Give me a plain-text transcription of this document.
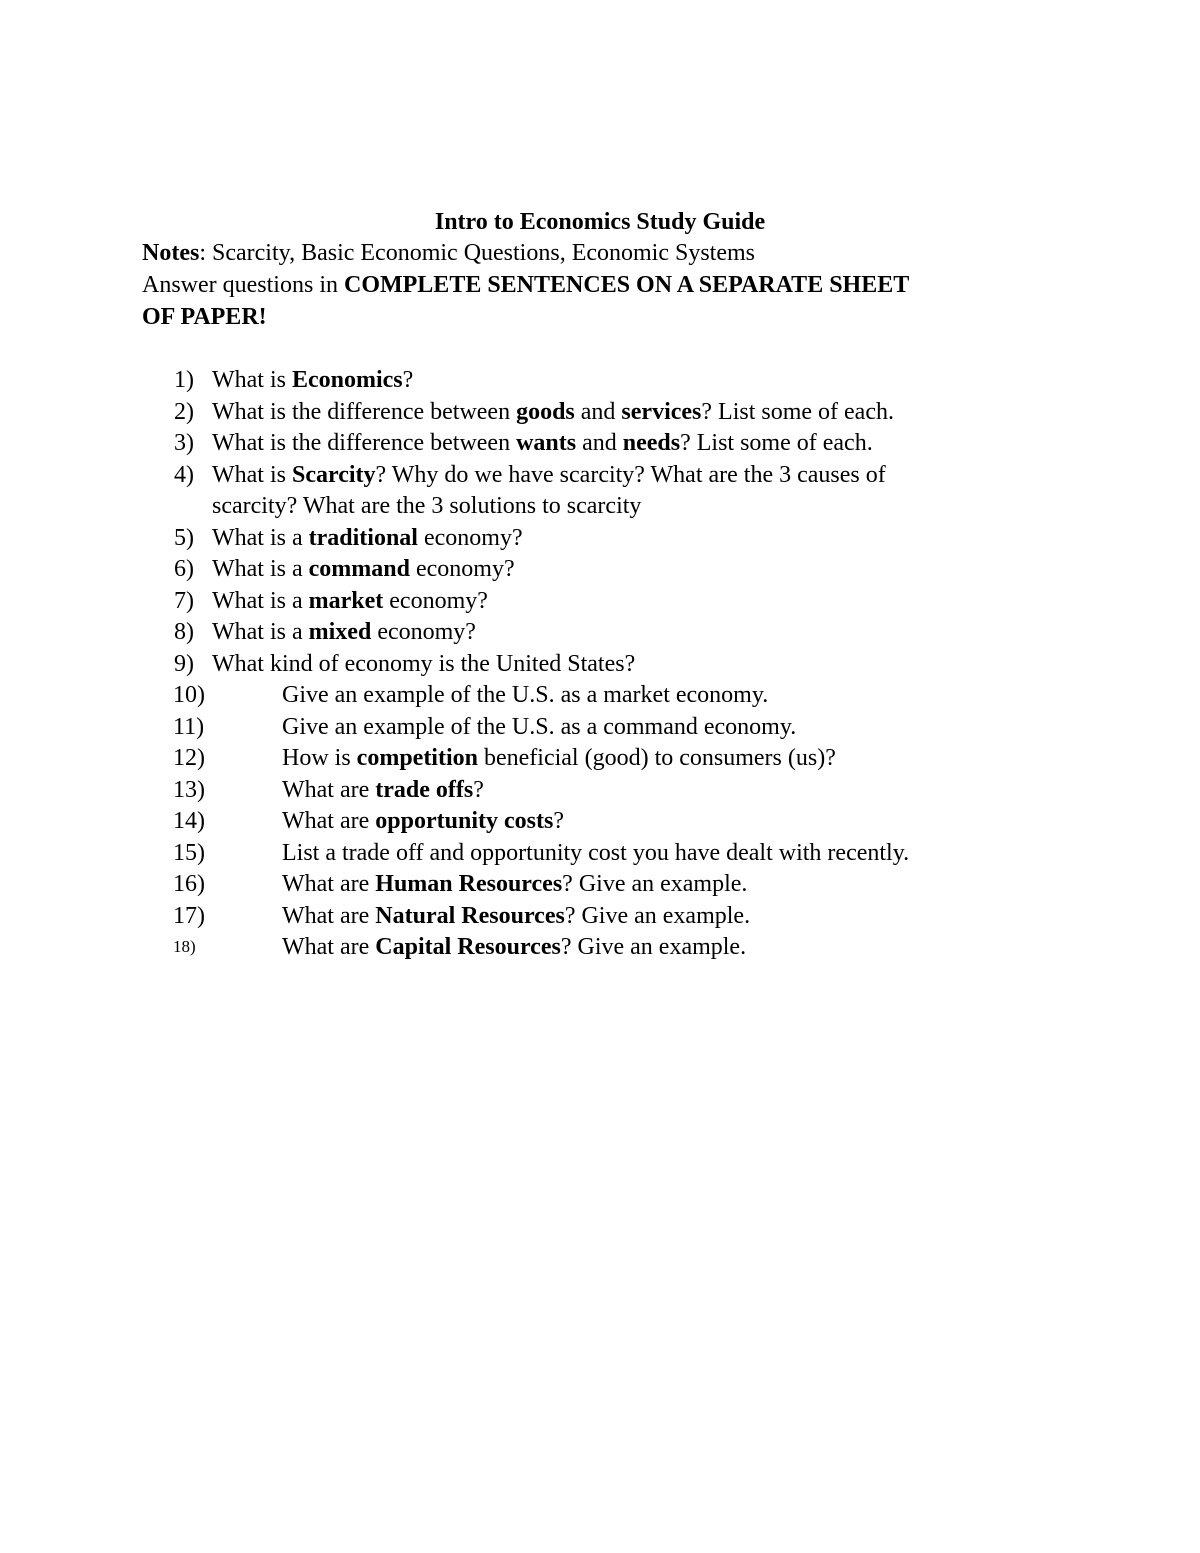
Intro to Economics Study Guide
Notes: Scarcity, Basic Economic Questions, Economic Systems
Answer questions in COMPLETE SENTENCES ON A SEPARATE SHEET
OF PAPER!
1) What is Economics?
2) What is the difference between goods and services? List some of each.
3) What is the difference between wants and needs? List some of each.
4) What is Scarcity? Why do we have scarcity? What are the 3 causes of
scarcity? What are the 3 solutions to scarcity
5) What is a traditional economy?
6) What is a command economy?
7) What is a market economy?
8) What is a mixed economy?
9) What kind of economy is the United States?
10)	Give an example of the U.S. as a market economy.
11)	Give an example of the U.S. as a command economy.
12)	How is competition beneficial (good) to consumers (us)?
13)	What are trade offs?
14)	What are opportunity costs?
15)	List a trade off and opportunity cost you have dealt with recently.
16)	What are Human Resources? Give an example.
17)	What are Natural Resources? Give an example.
18)	What are Capital Resources? Give an example.
